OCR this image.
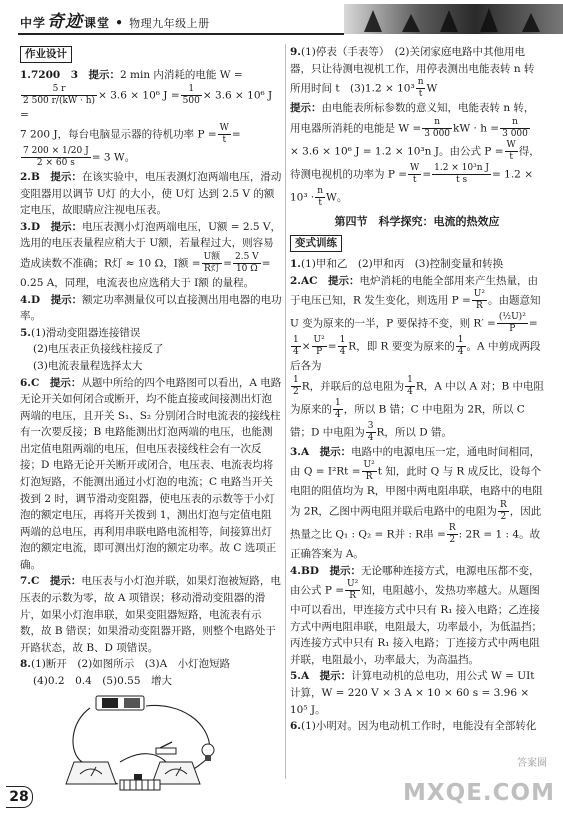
中学奇迹课堂 • 物理九年级上册
作业设计

1.7200　3　 提示：2 min 内消耗的电能 W =

$\frac{5 r}{2 500 r/(kW \cdot h)} \times 3.6 \times 10^6$ $J = \frac{1}{500} \times 3.6 \times 10^6$ J =

7 200 J，每台电脑显示器的待机功率 $P = \frac{W}{t}$ =

$\frac{7 200 \times 1/20 J}{2 \times 60 s} = 3$ W。

2.B　 提示：在该实验中，电压表测灯泡两端电压，滑动变阻器用以调节 U灯 的大小，使 U灯 达到 2.5 V 的额定电压，故眼睛应注视电压表。

3.D　 提示：电压表测小灯泡两端电压，U额 = 2.5 V，选用的电压表量程应稍大于 U额，若量程过大，则容易造成读数不准确；R灯 ≈ 10 Ω，I额 = $\frac{\text{U额}}{\text{R灯}} = \frac{2.5 V}{10 \Omega}$ =

0.25 A，同理，电流表也应选稍大于 I额 的量程。

4.D　 提示：额定功率测量仪可以直接测出用电器的电功率。

5.(1)滑动变阻器连接错误

(2)电压表正负接线柱接反了

(3)电流表量程选择太大

6.C　 提示：从题中所给的四个电路图可以看出，A 电路无论开关如何闭合或断开，均不能直接或间接测出灯泡两端的电压，且开关 S₁、S₂ 分别闭合时电流表的接线柱有一次要反接；B 电路能测出灯泡两端的电压，也能测出定值电阻两端的电压，但电压表接线柱会有一次反接；D 电路无论开关断开或闭合，电压表、电流表均将灯泡短路，不能测出通过小灯泡的电流；C 电路当开关拨到 2 时，调节滑动变阻器，使电压表的示数等于小灯泡的额定电压，再将开关拨到 1，测出灯泡与定值电阻两端的总电压，再利用串联电路电流相等，间接算出灯泡的额定电流，即可测出灯泡的额定功率。故 C 选项正确。

7.C　 提示：电压表与小灯泡并联，如果灯泡被短路，电压表的示数为零，故 A 项错误；移动滑动变阻器的滑片，如果小灯泡串联，如果变阻器短路，电流表有示数，故 B 错误；如果滑动变阻器开路，则整个电路处于开路状态，故 B、D 项错误。

8.(1)断开　(2)如图所示　(3)A　小灯泡短路

(4)0.2　0.4　(5)0.55　增大

9.(1)停表（手表等）　(2)关闭家庭电路中其他用电器，只让待测电视机工作，用停表测出电能表转 n 转所用时间 t　$(3)1.2 \times 10^3 \frac{n}{t}$ W

提示：由电能表所标参数的意义知，电能表转 n 转，用电器所消耗的电能是 $W = \frac{n}{3 000}$ kW · $h = \frac{n}{3 000}$

× 3.6 × 10⁶ J = 1.2 × 10³n J。由公式 $P = \frac{W}{t}$ 得，待测电视机的功率为 $P = \frac{W}{t} = \frac{\text{1.2 × 10³n J}}{\text{t s}} = 1.2 \times 10^3 \cdot \frac{n}{t}$ W。

第四节　科学探究：电流的热效应
变式训练

1.(1)甲和乙　(2)甲和丙　(3)控制变量和转换

2.AC　 提示：电炉消耗的电能全部用来产生热量，由于电压已知，R 发生变化，则选用 $P = \frac{\text{U²}}{R}$ 。由题意知 U 变为原来的一半，P 要保持不变，则 $R' = \frac{\text{(½U)²}}{P}$ =

$\frac{1}{4} \times \frac{\text{U²}}{P} = \frac{1}{4}$ R，即 R 要变为原来的 $\frac{1}{4}$ 。A 中剪成两段后各为

$\frac{1}{2}$ R，并联后的总电阻为 $\frac{1}{4}$ R，A 中以 A 对；B 中电阻为原来的 $\frac{1}{4}$ ，所以 B 错；C 中电阻为 2R，所以 C 错；D 中电阻为 $\frac{3}{4}$ R，所以 D 错。

3.A　 提示：电路中的电源电压一定，通电时间相同，由 $Q = I^2Rt = \frac{\text{U²}}{R}$ t 知，此时 Q 与 R 成反比，设每个电阻的阻值均为 R，甲图中两电阻串联，电路中的电阻为 2R，乙图中两电阻并联后电路中的电阻为 $\frac{R}{2}$ ，因此热量之比 Q₁ : Q₂ = R并 : R串 = $\frac{R}{2}$ : 2R = 1 : 4。故正确答案为 A。

4.BD　 提示：无论哪种连接方式，电源电压都不变，由公式 $P = \frac{\text{U²}}{R}$ 知，电阻越小，发热功率越大。从题图中可以看出，甲连接方式中只有 R₁ 接入电路；乙连接方式中两电阻串联，电阻最大，功率最小，为低温挡；丙连接方式中只有 R₁ 接入电路；丁连接方式中两电阻并联，电阻最小，功率最大，为高温挡。

5.A　 提示：计算电动机的总电功，用公式 W = UIt 计算，W = 220 V × 3 A × 10 × 60 s = 3.96 × 10⁵ J。

6.(1)小明对。因为电动机工作时，电能没有全部转化

28
答案圈
MXQE.COM
